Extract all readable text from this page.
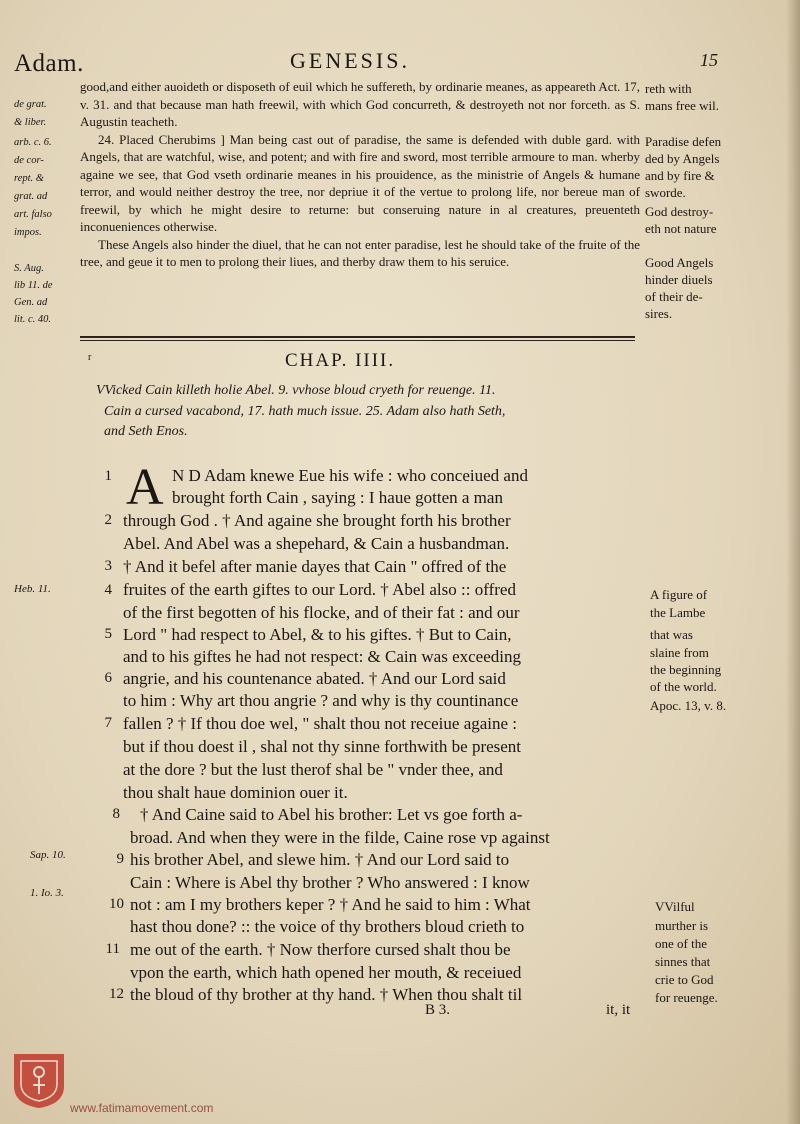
Adam.	GENESIS.	15
de grat.
& liber.
arb. c. 6.
de cor-
rept. &
grat. ad
art. falso
impos.
S. Aug.
lib 11. de
Gen. ad
lit. c. 40.

good,and either auoideth or disposeth of euil which he suffereth, by ordinarie meanes, as appeareth Act. 17, v. 31. and that because man hath freewil, with which God concurreth, & destroyeth not nor forceth. as S. Augustin teacheth.

24. Placed Cherubims ] Man being cast out of paradise, the same is defended with duble gard. with Angels, that are watchful, wise, and potent; and with fire and sword, most terrible armoure to man. wherby againe we see, that God vseth ordinarie meanes in his prouidence, as the ministrie of Angels & humane terror, and would neither destroy the tree, nor depriue it of the vertue to prolong life, nor bereue man of freewil, by which he might desire to returne: but conseruing nature in al creatures, preuenteth inconueniences otherwise.

These Angels also hinder the diuel, that he can not enter paradise, lest he should take of the fruite of the tree, and geue it to men to prolong their liues, and therby draw them to his seruice.

reth with
mans free wil.
Paradise defen
ded by Angels
and by fire &
sworde.
God destroy-
eth not nature
Good Angels
hinder diuels
of their de-
sires.
r	CHAP. IIII.

VVicked Cain killeth holie Abel. 9. vvhose bloud cryeth for reuenge. 11.

Cain a cursed vacabond, 17. hath much issue. 25. Adam also hath Seth,

and Seth Enos.

A N D Adam knewe Eue his wife : who conceiued and
brought forth Cain , saying : I haue gotten a man
through God . † And againe she brought forth his brother
Abel. And Abel was a shepehard, & Cain a husbandman.
† And it befel after manie dayes that Cain " offred of the
fruites of the earth giftes to our Lord. † Abel also :: offred
of the first begotten of his flocke, and of their fat : and our
Lord " had respect to Abel, & to his giftes. † But to Cain,
and to his giftes he had not respect: & Cain was exceeding
angrie, and his countenance abated. † And our Lord said
to him : Why art thou angrie ? and why is thy countinance
fallen ? † If thou doe wel, " shalt thou not receiue againe :
but if thou doest il , shal not thy sinne forthwith be present
at the dore ? but the lust therof shal be " vnder thee, and
thou shalt haue dominion ouer it.
† And Caine said to Abel his brother: Let vs goe forth a-
broad. And when they were in the filde, Caine rose vp against
his brother Abel, and slewe him. † And our Lord said to
Cain : Where is Abel thy brother ? Who answered : I know
not : am I my brothers keper ? † And he said to him : What
hast thou done? :: the voice of thy brothers bloud crieth to
me out of the earth. † Now therfore cursed shalt thou be
vpon the earth, which hath opened her mouth, & receiued
the bloud of thy brother at thy hand. † When thou shalt til
1
2
3
4
5
6
7
8
9
10
11
12
Heb. 11.
Sap. 10.
1. Io. 3.
A figure of
the Lambe
that was
slaine from
the beginning
of the world.
Apoc. 13, v. 8.
VVilful
murther is
one of the
sinnes that
crie to God
for reuenge.
B 3.	it, it
www.fatimamovement.com
